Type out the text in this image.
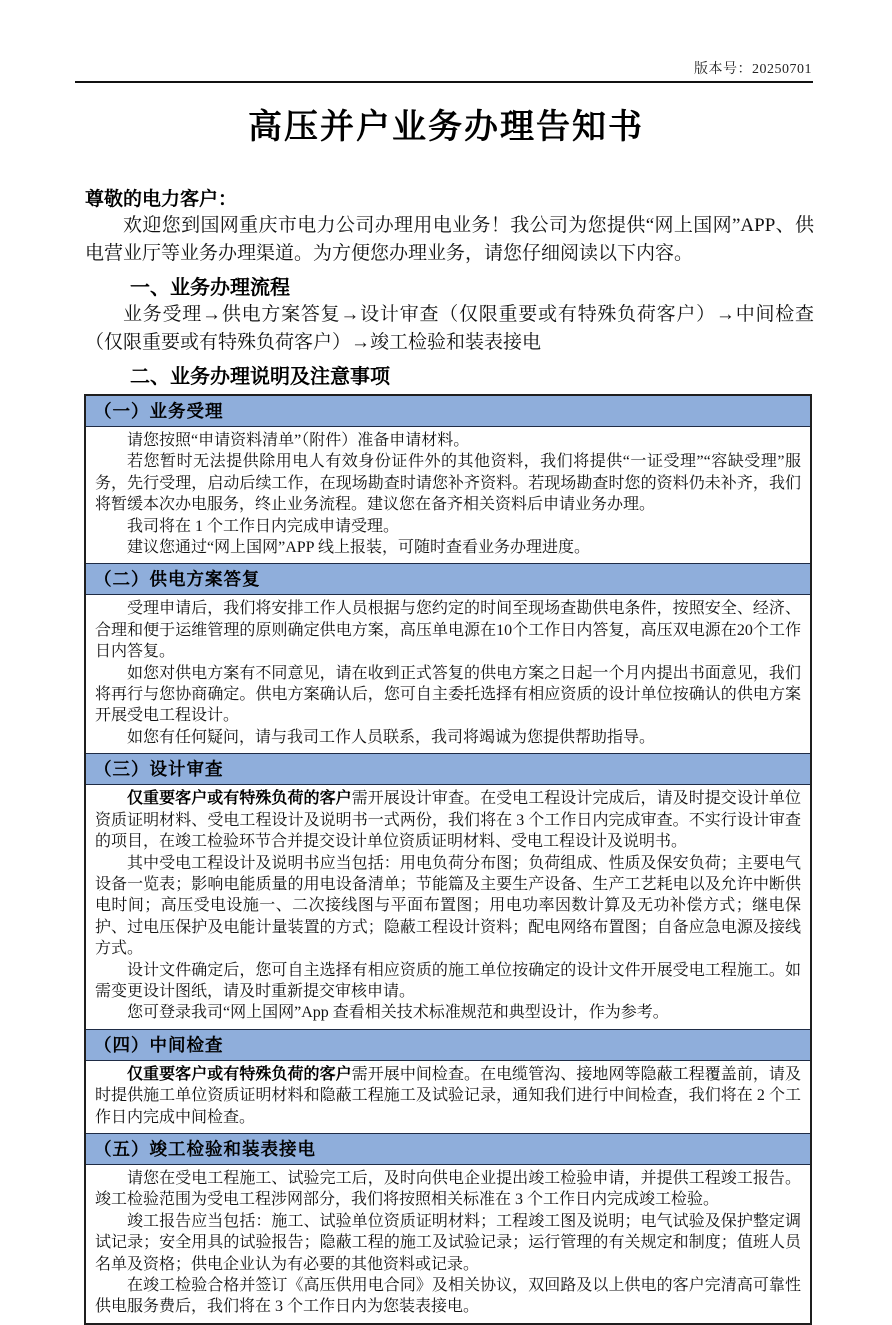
版本号：20250701
高压并户业务办理告知书

尊敬的电力客户：

欢迎您到国网重庆市电力公司办理用电业务！我公司为您提供“网上国网”APP、供电营业厅等业务办理渠道。为方便您办理业务，请您仔细阅读以下内容。

一、业务办理流程

业务受理→供电方案答复→设计审查（仅限重要或有特殊负荷客户）→中间检查（仅限重要或有特殊负荷客户）→竣工检验和装表接电

二、业务办理说明及注意事项
（一）业务受理

请您按照“申请资料清单”（附件）准备申请材料。

若您暂时无法提供除用电人有效身份证件外的其他资料，我们将提供“一证受理”“容缺受理”服务，先行受理，启动后续工作，在现场勘查时请您补齐资料。若现场勘查时您的资料仍未补齐，我们将暂缓本次办电服务，终止业务流程。建议您在备齐相关资料后申请业务办理。

我司将在 1 个工作日内完成申请受理。

建议您通过“网上国网”APP 线上报装，可随时查看业务办理进度。

（二）供电方案答复

受理申请后，我们将安排工作人员根据与您约定的时间至现场查勘供电条件，按照安全、经济、合理和便于运维管理的原则确定供电方案，高压单电源在10个工作日内答复，高压双电源在20个工作日内答复。

如您对供电方案有不同意见，请在收到正式答复的供电方案之日起一个月内提出书面意见，我们将再行与您协商确定。供电方案确认后，您可自主委托选择有相应资质的设计单位按确认的供电方案开展受电工程设计。

如您有任何疑问，请与我司工作人员联系，我司将竭诚为您提供帮助指导。

（三）设计审查

仅重要客户或有特殊负荷的客户需开展设计审查。在受电工程设计完成后，请及时提交设计单位资质证明材料、受电工程设计及说明书一式两份，我们将在 3 个工作日内完成审查。不实行设计审查的项目，在竣工检验环节合并提交设计单位资质证明材料、受电工程设计及说明书。

其中受电工程设计及说明书应当包括：用电负荷分布图；负荷组成、性质及保安负荷；主要电气设备一览表；影响电能质量的用电设备清单；节能篇及主要生产设备、生产工艺耗电以及允许中断供电时间；高压受电设施一、二次接线图与平面布置图；用电功率因数计算及无功补偿方式；继电保护、过电压保护及电能计量装置的方式；隐蔽工程设计资料；配电网络布置图；自备应急电源及接线方式。

设计文件确定后，您可自主选择有相应资质的施工单位按确定的设计文件开展受电工程施工。如需变更设计图纸，请及时重新提交审核申请。

您可登录我司“网上国网”App 查看相关技术标准规范和典型设计，作为参考。

（四）中间检查

仅重要客户或有特殊负荷的客户需开展中间检查。在电缆管沟、接地网等隐蔽工程覆盖前，请及时提供施工单位资质证明材料和隐蔽工程施工及试验记录，通知我们进行中间检查，我们将在 2 个工作日内完成中间检查。

（五）竣工检验和装表接电

请您在受电工程施工、试验完工后，及时向供电企业提出竣工检验申请，并提供工程竣工报告。竣工检验范围为受电工程涉网部分，我们将按照相关标准在 3 个工作日内完成竣工检验。

竣工报告应当包括：施工、试验单位资质证明材料；工程竣工图及说明；电气试验及保护整定调试记录；安全用具的试验报告；隐蔽工程的施工及试验记录；运行管理的有关规定和制度；值班人员名单及资格；供电企业认为有必要的其他资料或记录。

在竣工检验合格并签订《高压供用电合同》及相关协议，双回路及以上供电的客户完清高可靠性供电服务费后，我们将在 3 个工作日内为您装表接电。
